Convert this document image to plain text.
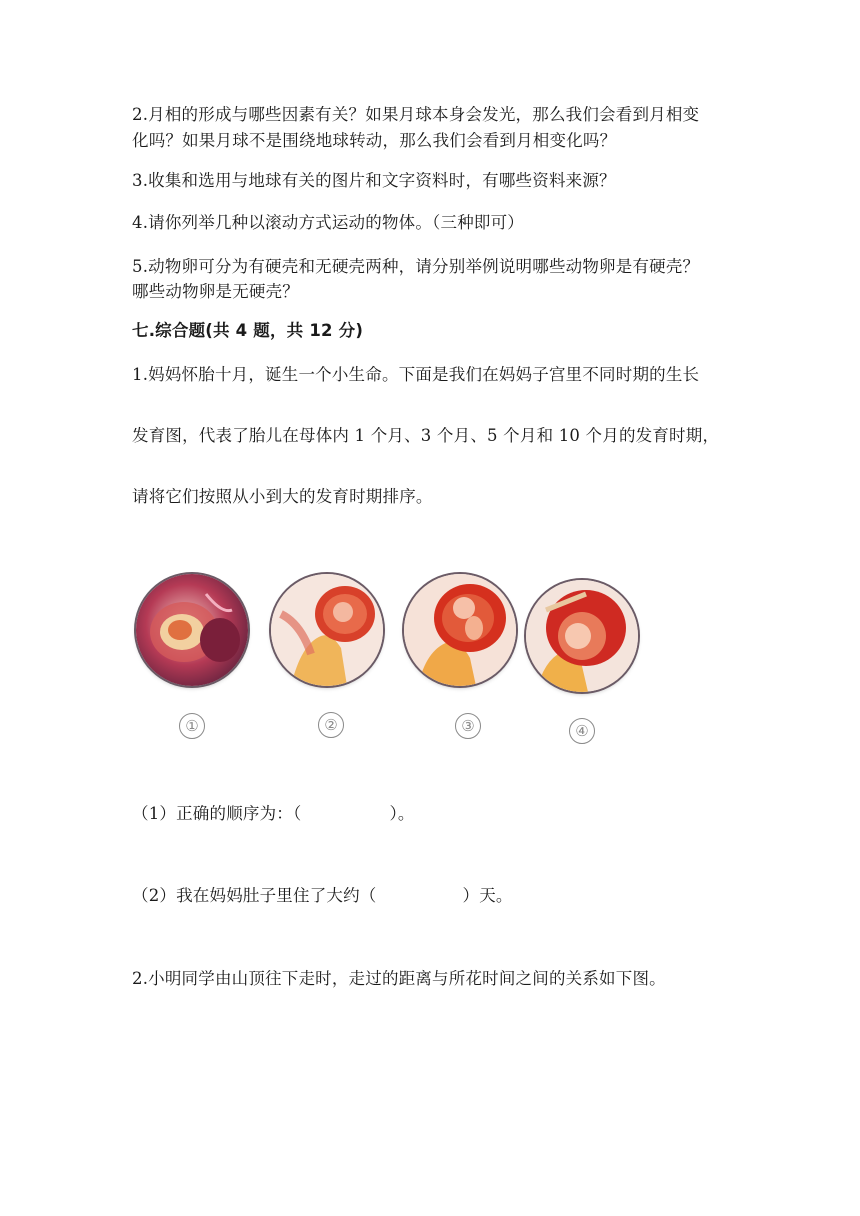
2.月相的形成与哪些因素有关？如果月球本身会发光，那么我们会看到月相变
化吗？如果月球不是围绕地球转动，那么我们会看到月相变化吗？
3.收集和选用与地球有关的图片和文字资料时，有哪些资料来源？
4.请你列举几种以滚动方式运动的物体。（三种即可）
5.动物卵可分为有硬壳和无硬壳两种，请分别举例说明哪些动物卵是有硬壳？
哪些动物卵是无硬壳？
七.综合题(共 4 题，共 12 分)
1.妈妈怀胎十月，诞生一个小生命。下面是我们在妈妈子宫里不同时期的生长
发育图，代表了胎儿在母体内 1 个月、3 个月、5 个月和 10 个月的发育时期，
请将它们按照从小到大的发育时期排序。
①	②	③	④
（1）正确的顺序为：（	）。
（2）我在妈妈肚子里住了大约（	）天。
2.小明同学由山顶往下走时，走过的距离与所花时间之间的关系如下图。
